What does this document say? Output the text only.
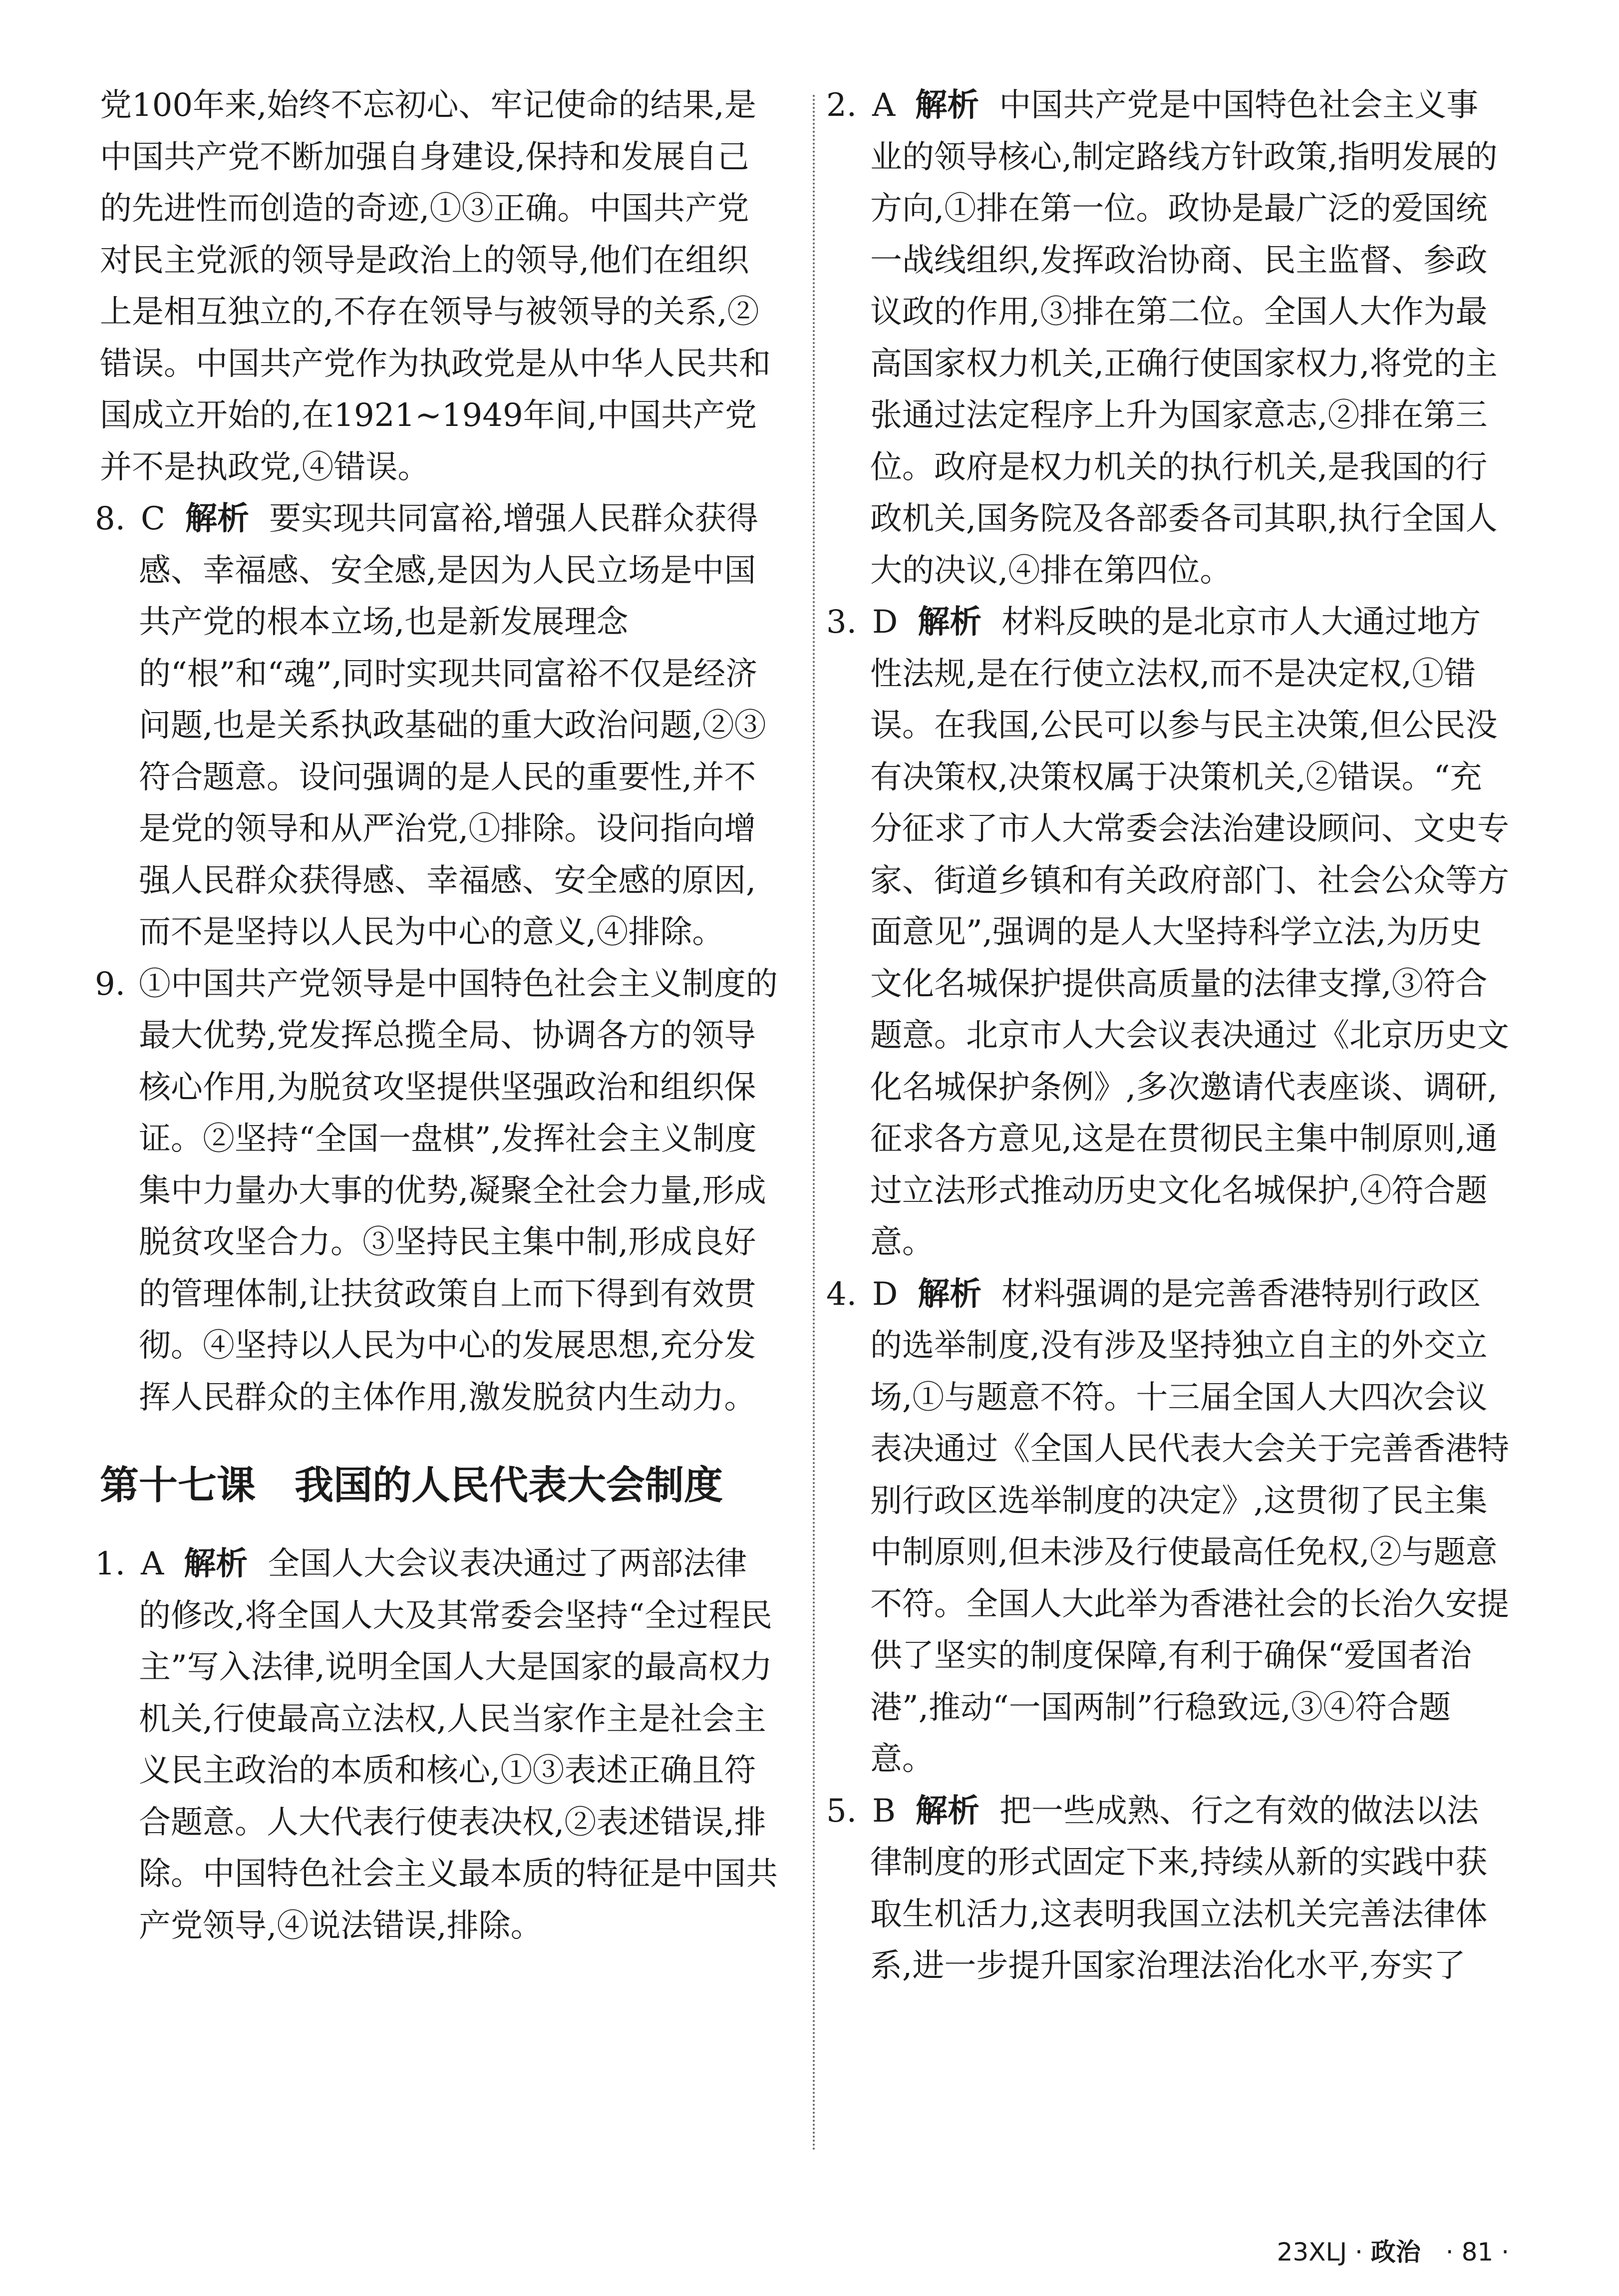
党100年来,始终不忘初心、牢记使命的结果,是中国共产党不断加强自身建设,保持和发展自己的先进性而创造的奇迹,①③正确。中国共产党对民主党派的领导是政治上的领导,他们在组织上是相互独立的,不存在领导与被领导的关系,②错误。中国共产党作为执政党是从中华人民共和国成立开始的,在1921~1949年间,中国共产党并不是执政党,④错误。
8. C 解析 要实现共同富裕,增强人民群众获得感、幸福感、安全感,是因为人民立场是中国共产党的根本立场,也是新发展理念的“根”和“魂”,同时实现共同富裕不仅是经济问题,也是关系执政基础的重大政治问题,②③符合题意。设问强调的是人民的重要性,并不是党的领导和从严治党,①排除。设问指向增强人民群众获得感、幸福感、安全感的原因,而不是坚持以人民为中心的意义,④排除。
9. ①中国共产党领导是中国特色社会主义制度的最大优势,党发挥总揽全局、协调各方的领导核心作用,为脱贫攻坚提供坚强政治和组织保证。②坚持“全国一盘棋”,发挥社会主义制度集中力量办大事的优势,凝聚全社会力量,形成脱贫攻坚合力。③坚持民主集中制,形成良好的管理体制,让扶贫政策自上而下得到有效贯彻。④坚持以人民为中心的发展思想,充分发挥人民群众的主体作用,激发脱贫内生动力。
第十七课　我国的人民代表大会制度
1. A 解析 全国人大会议表决通过了两部法律的修改,将全国人大及其常委会坚持“全过程民主”写入法律,说明全国人大是国家的最高权力机关,行使最高立法权,人民当家作主是社会主义民主政治的本质和核心,①③表述正确且符合题意。人大代表行使表决权,②表述错误,排除。中国特色社会主义最本质的特征是中国共产党领导,④说法错误,排除。
2. A 解析 中国共产党是中国特色社会主义事业的领导核心,制定路线方针政策,指明发展的方向,①排在第一位。政协是最广泛的爱国统一战线组织,发挥政治协商、民主监督、参政议政的作用,③排在第二位。全国人大作为最高国家权力机关,正确行使国家权力,将党的主张通过法定程序上升为国家意志,②排在第三位。政府是权力机关的执行机关,是我国的行政机关,国务院及各部委各司其职,执行全国人大的决议,④排在第四位。
3. D 解析 材料反映的是北京市人大通过地方性法规,是在行使立法权,而不是决定权,①错误。在我国,公民可以参与民主决策,但公民没有决策权,决策权属于决策机关,②错误。“充分征求了市人大常委会法治建设顾问、文史专家、街道乡镇和有关政府部门、社会公众等方面意见”,强调的是人大坚持科学立法,为历史文化名城保护提供高质量的法律支撑,③符合题意。北京市人大会议表决通过《北京历史文化名城保护条例》,多次邀请代表座谈、调研,征求各方意见,这是在贯彻民主集中制原则,通过立法形式推动历史文化名城保护,④符合题意。
4. D 解析 材料强调的是完善香港特别行政区的选举制度,没有涉及坚持独立自主的外交立场,①与题意不符。十三届全国人大四次会议表决通过《全国人民代表大会关于完善香港特别行政区选举制度的决定》,这贯彻了民主集中制原则,但未涉及行使最高任免权,②与题意不符。全国人大此举为香港社会的长治久安提供了坚实的制度保障,有利于确保“爱国者治港”,推动“一国两制”行稳致远,③④符合题意。
5. B 解析 把一些成熟、行之有效的做法以法律制度的形式固定下来,持续从新的实践中获取生机活力,这表明我国立法机关完善法律体系,进一步提升国家治理法治化水平,夯实了
23XLJ · 政治　· 81 ·
